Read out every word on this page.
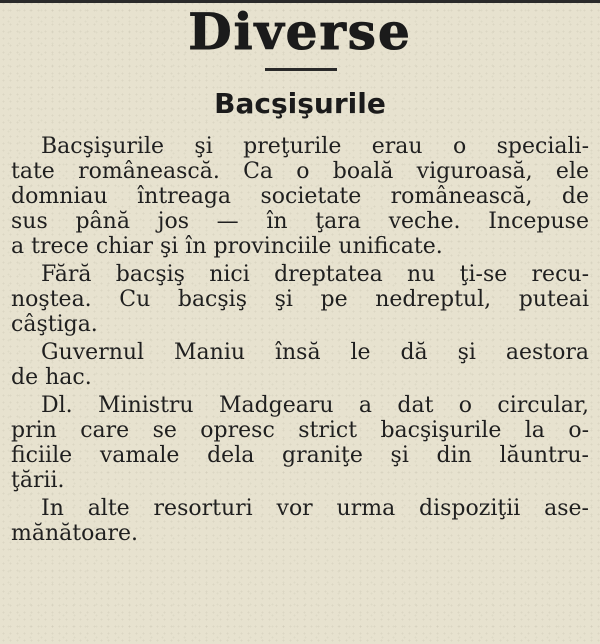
Diverse
Bacşişurile
Bacşişurile şi preţurile erau o speciali-
tate românească. Ca o boală viguroasă, ele
domniau întreaga societate românească, de
sus până jos — în ţara veche. Incepuse
a trece chiar şi în provinciile unificate.
Fără bacşiş nici dreptatea nu ţi-se recu-
noştea. Cu bacşiş şi pe nedreptul, puteai
câştiga.
Guvernul Maniu însă le dă şi aestora
de hac.
Dl. Ministru Madgearu a dat o circular,
prin care se opresc strict bacşişurile la o-
ficiile vamale dela graniţe şi din lăuntru-
ţării.
In alte resorturi vor urma dispoziţii ase-
mănătoare.
